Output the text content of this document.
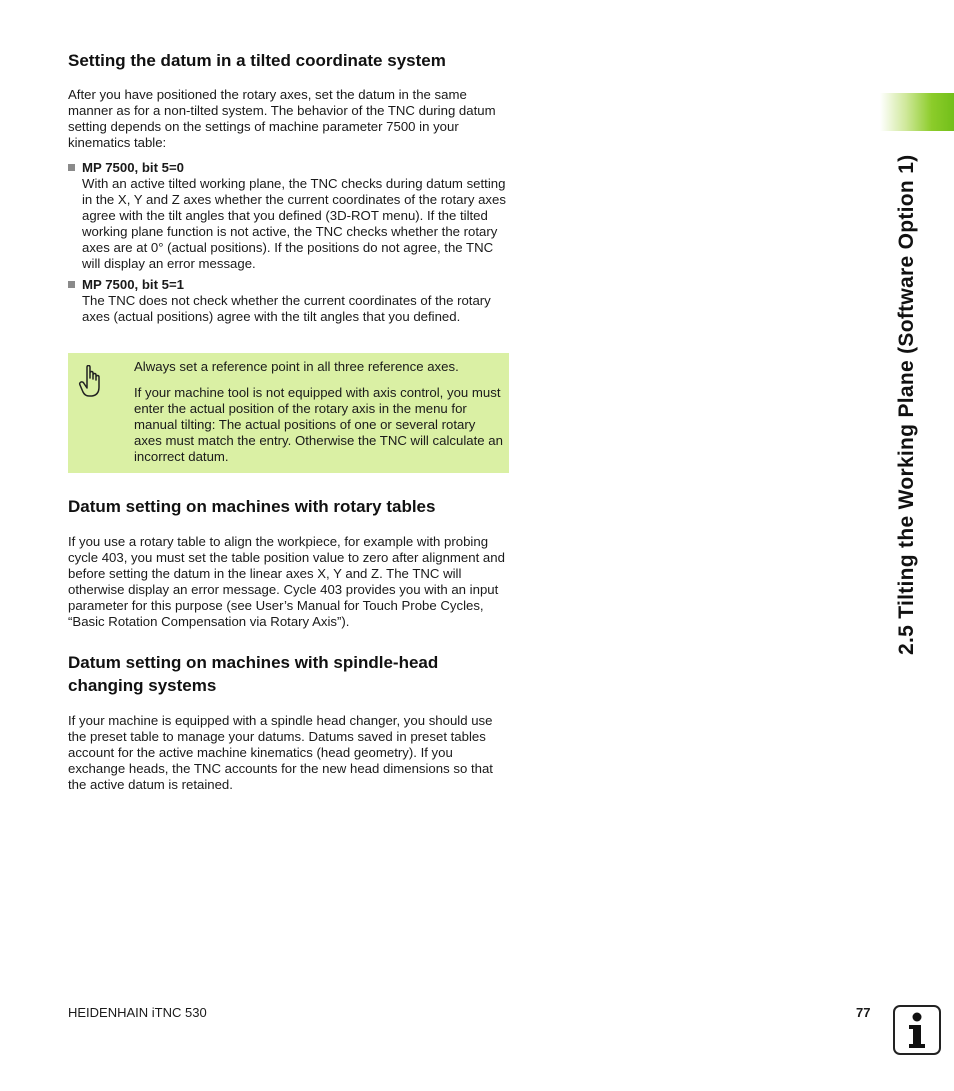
Setting the datum in a tilted coordinate system

After you have positioned the rotary axes, set the datum in the same manner as for a non-tilted system. The behavior of the TNC during datum setting depends on the settings of machine parameter 7500 in your kinematics table:

MP 7500, bit 5=0

With an active tilted working plane, the TNC checks during datum setting in the X, Y and Z axes whether the current coordinates of the rotary axes agree with the tilt angles that you defined (3D-ROT menu). If the tilted working plane function is not active, the TNC checks whether the rotary axes are at 0° (actual positions). If the positions do not agree, the TNC will display an error message.

MP 7500, bit 5=1

The TNC does not check whether the current coordinates of the rotary axes (actual positions) agree with the tilt angles that you defined.

Always set a reference point in all three reference axes.

If your machine tool is not equipped with axis control, you must enter the actual position of the rotary axis in the menu for manual tilting: The actual positions of one or several rotary axes must match the entry. Otherwise the TNC will calculate an incorrect datum.

Datum setting on machines with rotary tables

If you use a rotary table to align the workpiece, for example with probing cycle 403, you must set the table position value to zero after alignment and before setting the datum in the linear axes X, Y and Z. The TNC will otherwise display an error message. Cycle 403 provides you with an input parameter for this purpose (see User’s Manual for Touch Probe Cycles, “Basic Rotation Compensation via Rotary Axis”).

Datum setting on machines with spindle-head changing systems

If your machine is equipped with a spindle head changer, you should use the preset table to manage your datums. Datums saved in preset tables account for the active machine kinematics (head geometry). If you exchange heads, the TNC accounts for the new head dimensions so that the active datum is retained.

2.5 Tilting the Working Plane (Software Option 1)
HEIDENHAIN iTNC 530	77
